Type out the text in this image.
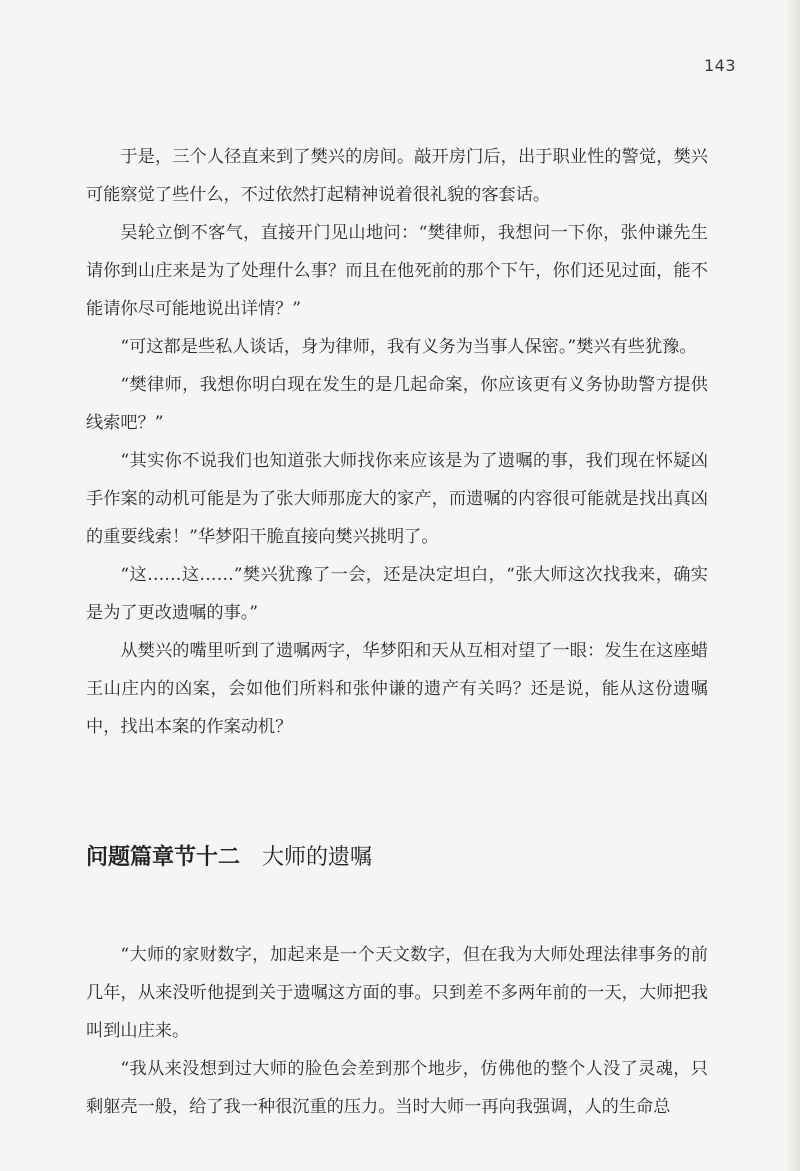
143

于是，三个人径直来到了樊兴的房间。敲开房门后，出于职业性的警觉，樊兴可能察觉了些什么，不过依然打起精神说着很礼貌的客套话。

吴轮立倒不客气，直接开门见山地问：“樊律师，我想问一下你，张仲谦先生请你到山庄来是为了处理什么事？而且在他死前的那个下午，你们还见过面，能不能请你尽可能地说出详情？”

“可这都是些私人谈话，身为律师，我有义务为当事人保密。”樊兴有些犹豫。

“樊律师，我想你明白现在发生的是几起命案，你应该更有义务协助警方提供线索吧？”

“其实你不说我们也知道张大师找你来应该是为了遗嘱的事，我们现在怀疑凶手作案的动机可能是为了张大师那庞大的家产，而遗嘱的内容很可能就是找出真凶的重要线索！”华梦阳干脆直接向樊兴挑明了。

“这……这……”樊兴犹豫了一会，还是决定坦白，“张大师这次找我来，确实是为了更改遗嘱的事。”

从樊兴的嘴里听到了遗嘱两字，华梦阳和天从互相对望了一眼：发生在这座蜡王山庄内的凶案，会如他们所料和张仲谦的遗产有关吗？还是说，能从这份遗嘱中，找出本案的作案动机？

问题篇章节十二 大师的遗嘱

“大师的家财数字，加起来是一个天文数字，但在我为大师处理法律事务的前几年，从来没听他提到关于遗嘱这方面的事。只到差不多两年前的一天，大师把我叫到山庄来。

“我从来没想到过大师的脸色会差到那个地步，仿佛他的整个人没了灵魂，只剩躯壳一般，给了我一种很沉重的压力。当时大师一再向我强调，人的生命总
